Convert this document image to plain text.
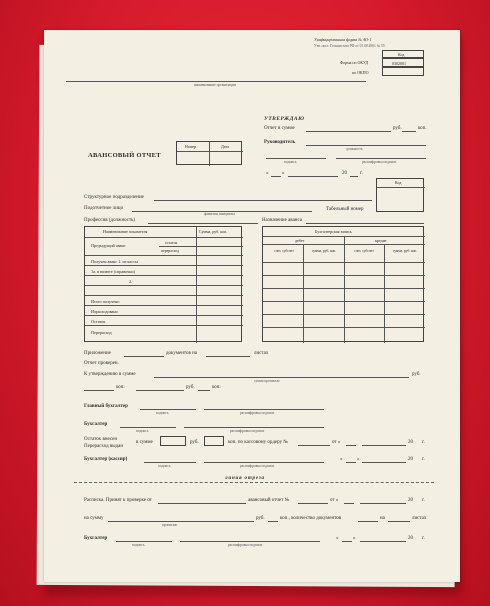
Унифицированная форма № АО-1
Утв. пост. Госкомстата РФ от 01.08.2001 № 55
Код
Форма по ОКУД	0302001
по ОКПО
наименование организации
УТВЕРЖДАЮ
Отчет в сумме	руб.	коп.
Руководитель
должность
подпись	расшифровка подписи
«	»	20	г.
Номер	Дата
АВАНСОВЫЙ ОТЧЕТ
Код
Структурное подразделение
Подотчетное лицо
фамилия, инициалы
Табельный номер
Профессия (должность)	Назначение аванса
Наименование показателя	Сумма, руб. коп.
Предыдущий аванс	остаток
перерасход
Получен аванс 1. из кассы
1а. в валюте (справочно)
2.
Итого получено
Израсходовано
Остаток
Перерасход
Бухгалтерская запись
дебет	кредит
счет, субсчет	сумма, руб. коп.	счет, субсчет	сумма, руб. коп.
Приложение	документов на	листах
Отчет проверен.
К утверждению в сумме
сумма прописью
руб.
коп.	руб.	коп.
Главный бухгалтер
подпись	расшифровка подписи
Бухгалтер
подпись	расшифровка подписи
Остаток внесен
Перерасход выдан
в сумме	руб.	коп. по кассовому ордеру №	от «	20 г.
Бухгалтер (кассир)
подпись	расшифровка подписи
«	»	20 г.
линия отреза
Расписка. Принят к проверке от	авансовый отчет №	от «	20 г.
на сумму
прописью
руб.	коп., количество документов	на	листах
Бухгалтер
подпись	расшифровка подписи
«	»	20 г.
